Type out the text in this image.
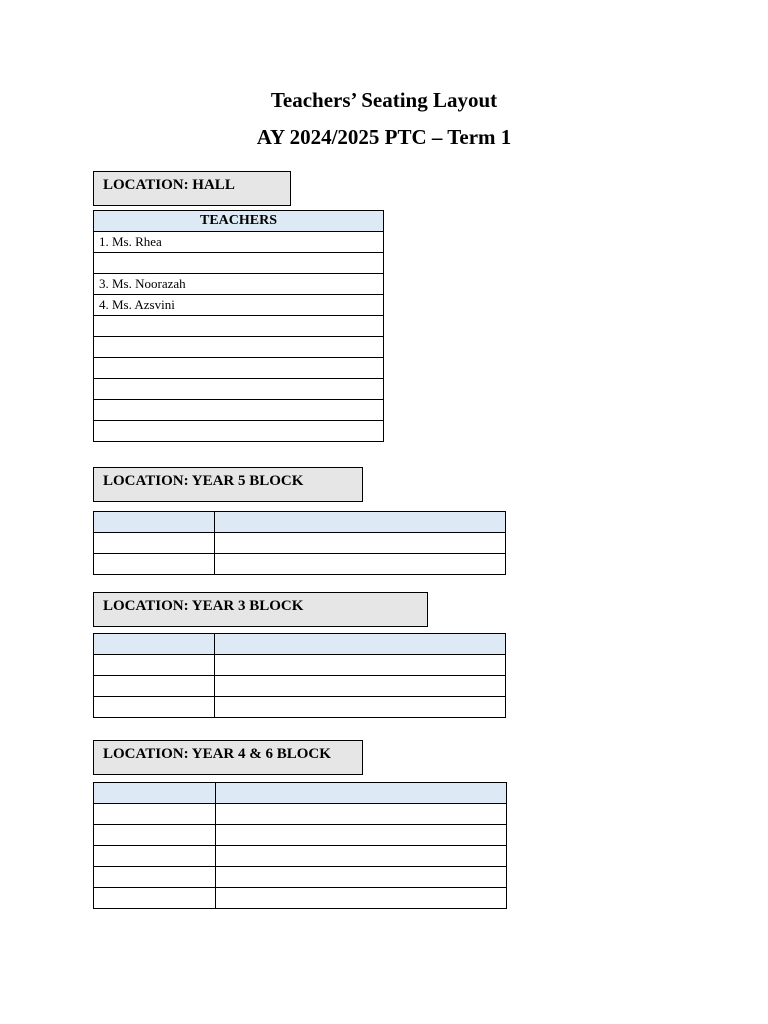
Teachers’ Seating Layout
AY 2024/2025 PTC – Term 1
LOCATION: HALL
TEACHERS
1. Ms. Rhea

3. Ms. Noorazah
4. Ms. Azsvini

LOCATION: YEAR 5 BLOCK

LOCATION: YEAR 3 BLOCK

LOCATION: YEAR 4 & 6 BLOCK
